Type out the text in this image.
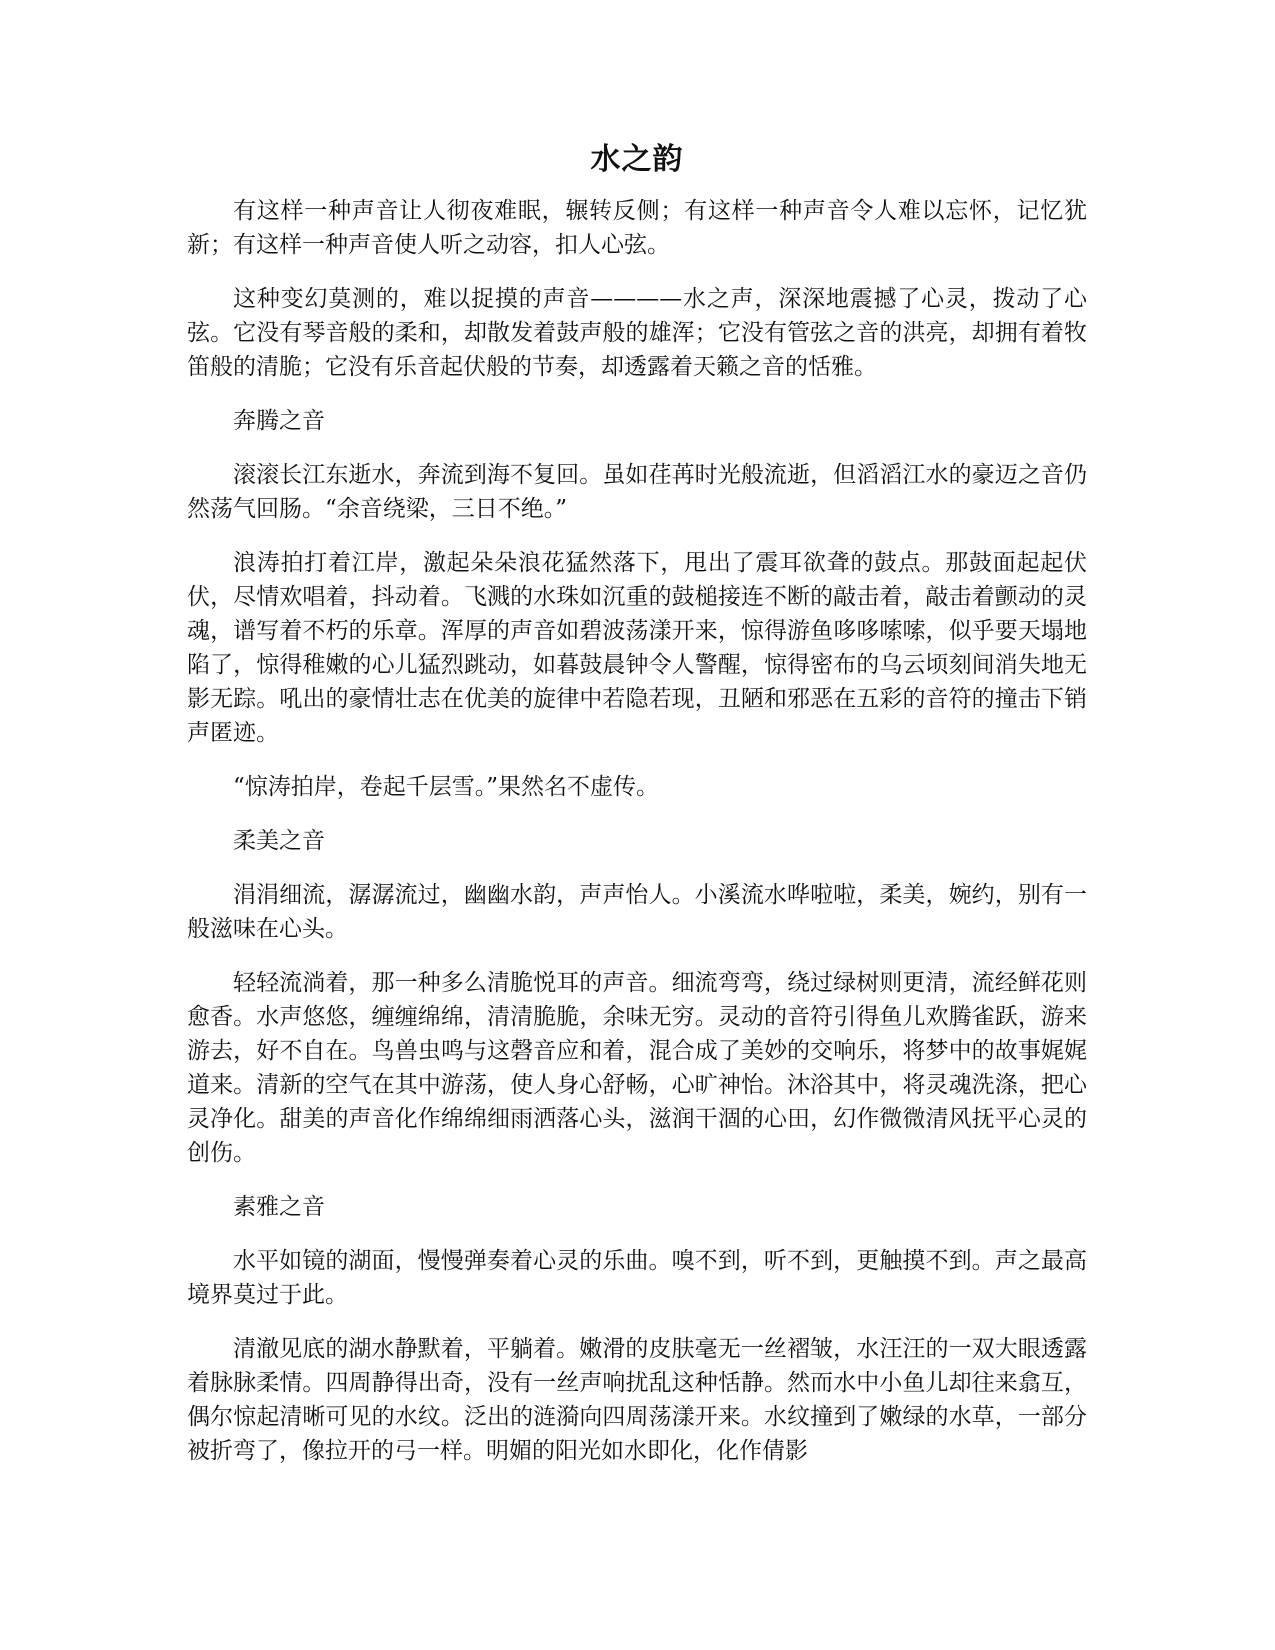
水之韵

有这样一种声音让人彻夜难眠，辗转反侧；有这样一种声音令人难以忘怀，记忆犹新；有这样一种声音使人听之动容，扣人心弦。

这种变幻莫测的，难以捉摸的声音————水之声，深深地震撼了心灵，拨动了心弦。它没有琴音般的柔和，却散发着鼓声般的雄浑；它没有管弦之音的洪亮，却拥有着牧笛般的清脆；它没有乐音起伏般的节奏，却透露着天籁之音的恬雅。

奔腾之音

滚滚长江东逝水，奔流到海不复回。虽如荏苒时光般流逝，但滔滔江水的豪迈之音仍然荡气回肠。“余音绕梁，三日不绝。”

浪涛拍打着江岸，激起朵朵浪花猛然落下，甩出了震耳欲聋的鼓点。那鼓面起起伏伏，尽情欢唱着，抖动着。飞溅的水珠如沉重的鼓槌接连不断的敲击着，敲击着颤动的灵魂，谱写着不朽的乐章。浑厚的声音如碧波荡漾开来，惊得游鱼哆哆嗦嗦，似乎要天塌地陷了，惊得稚嫩的心儿猛烈跳动，如暮鼓晨钟令人警醒，惊得密布的乌云顷刻间消失地无影无踪。吼出的豪情壮志在优美的旋律中若隐若现，丑陋和邪恶在五彩的音符的撞击下销声匿迹。

“惊涛拍岸，卷起千层雪。”果然名不虚传。

柔美之音

涓涓细流，潺潺流过，幽幽水韵，声声怡人。小溪流水哗啦啦，柔美，婉约，别有一般滋味在心头。

轻轻流淌着，那一种多么清脆悦耳的声音。细流弯弯，绕过绿树则更清，流经鲜花则愈香。水声悠悠，缠缠绵绵，清清脆脆，余味无穷。灵动的音符引得鱼儿欢腾雀跃，游来游去，好不自在。鸟兽虫鸣与这磬音应和着，混合成了美妙的交响乐，将梦中的故事娓娓道来。清新的空气在其中游荡，使人身心舒畅，心旷神怡。沐浴其中，将灵魂洗涤，把心灵净化。甜美的声音化作绵绵细雨洒落心头，滋润干涸的心田，幻作微微清风抚平心灵的创伤。

素雅之音

水平如镜的湖面，慢慢弹奏着心灵的乐曲。嗅不到，听不到，更触摸不到。声之最高境界莫过于此。

清澈见底的湖水静默着，平躺着。嫩滑的皮肤毫无一丝褶皱，水汪汪的一双大眼透露着脉脉柔情。四周静得出奇，没有一丝声响扰乱这种恬静。然而水中小鱼儿却往来翕互，偶尔惊起清晰可见的水纹。泛出的涟漪向四周荡漾开来。水纹撞到了嫩绿的水草，一部分被折弯了，像拉开的弓一样。明媚的阳光如水即化，化作倩影
